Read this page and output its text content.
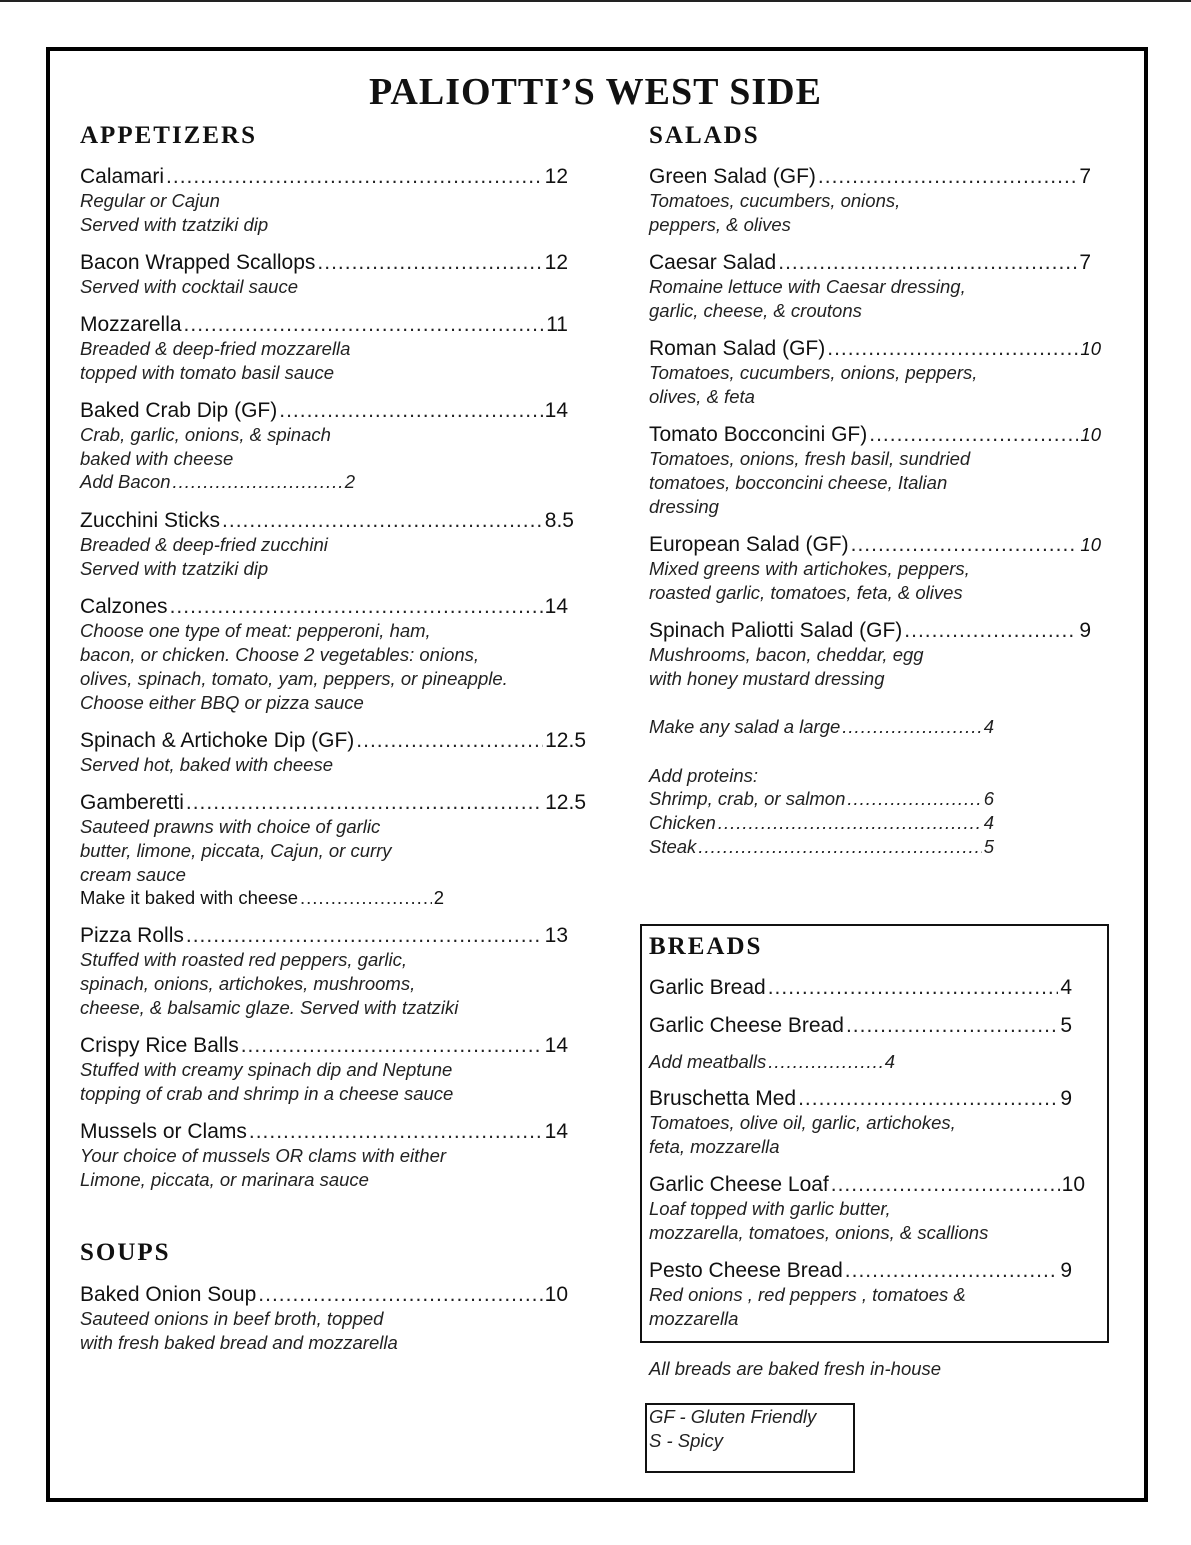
PALIOTTI’S WEST SIDE
APPETIZERS
Calamari .....	12
Regular or Cajun
Served with tzatziki dip
Bacon Wrapped Scallops .....	12
Served with cocktail sauce
Mozzarella .....	11
Breaded & deep-fried mozzarella
topped with tomato basil sauce
Baked Crab Dip (GF) .....	14
Crab, garlic, onions, & spinach
baked with cheese
Add Bacon .....	2
Zucchini Sticks .....	8.5
Breaded & deep-fried zucchini
Served with tzatziki dip
Calzones .....	14
Choose one type of meat: pepperoni, ham,
bacon, or chicken. Choose 2 vegetables: onions,
olives, spinach, tomato, yam, peppers, or pineapple.
Choose either BBQ or pizza sauce
Spinach & Artichoke Dip (GF) .....	12.5
Served hot, baked with cheese
Gamberetti .....	12.5
Sauteed prawns with choice of garlic
butter, limone, piccata, Cajun, or curry
cream sauce
Make it baked with cheese .....	2
Pizza Rolls .....	13
Stuffed with roasted red peppers, garlic,
spinach, onions, artichokes, mushrooms,
cheese, & balsamic glaze. Served with tzatziki
Crispy Rice Balls .....	14
Stuffed with creamy spinach dip and Neptune
topping of crab and shrimp in a cheese sauce
Mussels or Clams .....	14
Your choice of mussels OR clams with either
Limone, piccata, or marinara sauce
SOUPS
Baked Onion Soup .....	10
Sauteed onions in beef broth, topped
with fresh baked bread and mozzarella
SALADS
Green Salad (GF) .....	7
Tomatoes, cucumbers, onions,
peppers, & olives
Caesar Salad .....	7
Romaine lettuce with Caesar dressing,
garlic, cheese, & croutons
Roman Salad (GF) .....	10
Tomatoes, cucumbers, onions, peppers,
olives, & feta
Tomato Bocconcini GF) .....	10
Tomatoes, onions, fresh basil, sundried
tomatoes, bocconcini cheese, Italian
dressing
European Salad (GF) .....	10
Mixed greens with artichokes, peppers,
roasted garlic, tomatoes, feta, & olives
Spinach Paliotti Salad (GF) .....	9
Mushrooms, bacon, cheddar, egg
with honey mustard dressing
Make any salad a large .....	4
Add proteins:
Shrimp, crab, or salmon .....	6
Chicken .....	4
Steak .....	5
BREADS
Garlic Bread .....	4
Garlic Cheese Bread .....	5
Add meatballs .....	4
Bruschetta Med .....	9
Tomatoes, olive oil, garlic, artichokes,
feta, mozzarella
Garlic Cheese Loaf .....	10
Loaf topped with garlic butter,
mozzarella, tomatoes, onions, & scallions
Pesto Cheese Bread .....	9
Red onions , red peppers , tomatoes &
mozzarella
All breads are baked fresh in-house
GF - Gluten Friendly
S - Spicy
